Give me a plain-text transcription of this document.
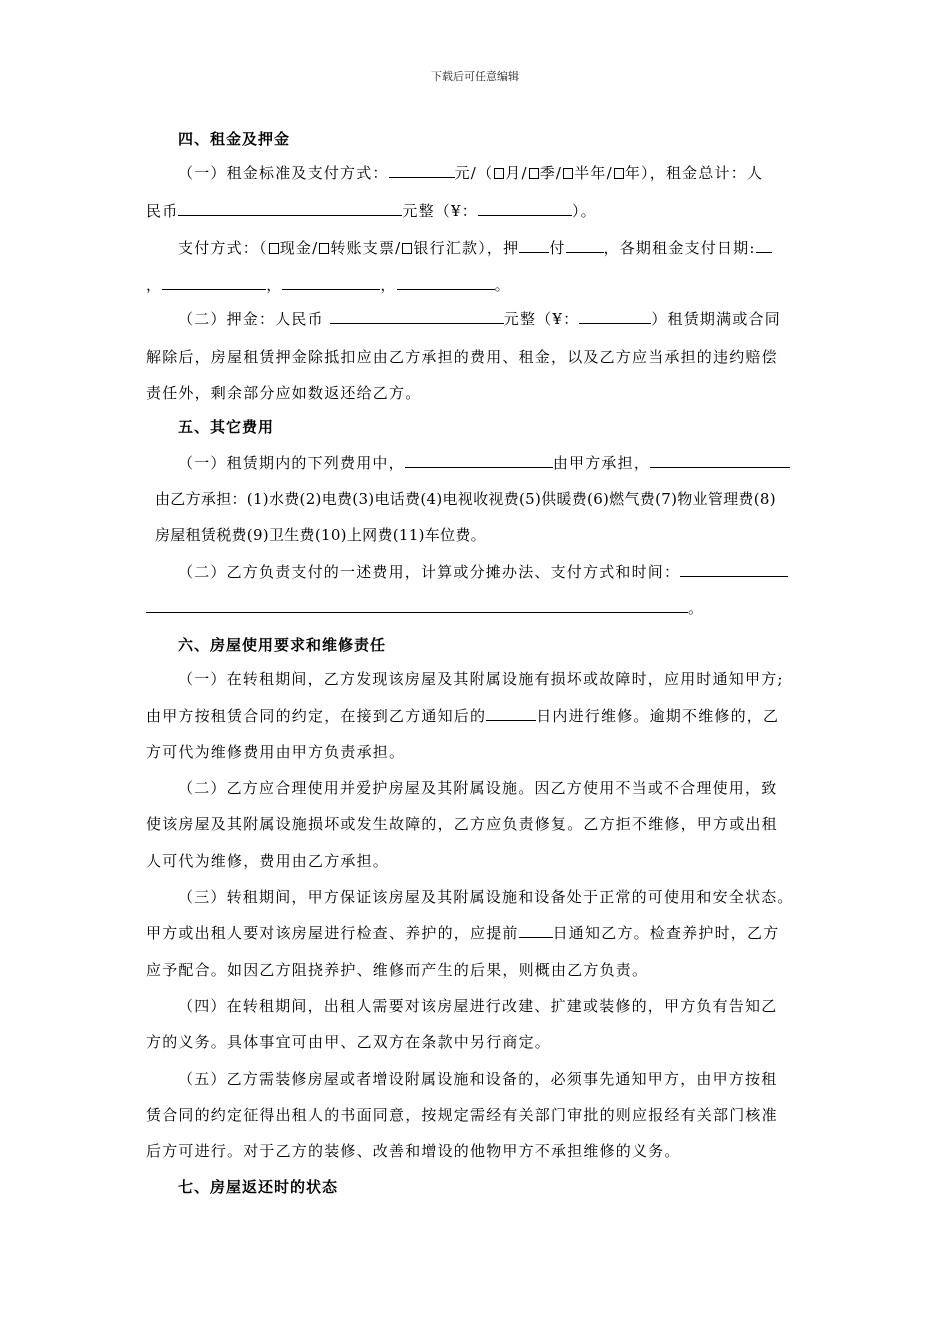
下载后可任意编辑
四、租金及押金
（一）租金标准及支付方式：	元/（ 月/ 季/ 半年/ 年），租金总计：人
民币	元整（¥：	）。
支付方式：（ 现金/ 转账支票/ 银行汇款），押 付	，各期租金支付日期:
，	，	，	。
（二）押金：人民币	元整（¥：	）租赁期满或合同
解除后，房屋租赁押金除抵扣应由乙方承担的费用、租金，以及乙方应当承担的违约赔偿
责任外，剩余部分应如数返还给乙方。
五、其它费用
（一）租赁期内的下列费用中，	由甲方承担，
由乙方承担：(1)水费(2)电费(3)电话费(4)电视收视费(5)供暖费(6)燃气费(7)物业管理费(8)
房屋租赁税费(9)卫生费(10)上网费(11)车位费。
（二）乙方负责支付的一述费用，计算或分摊办法、支付方式和时间：
。
六、房屋使用要求和维修责任
（一）在转租期间，乙方发现该房屋及其附属设施有损坏或故障时，应用时通知甲方;
由甲方按租赁合同的约定，在接到乙方通知后的	日内进行维修。逾期不维修的，乙
方可代为维修费用由甲方负责承担。
（二）乙方应合理使用并爱护房屋及其附属设施。因乙方使用不当或不合理使用，致
使该房屋及其附属设施损坏或发生故障的，乙方应负责修复。乙方拒不维修，甲方或出租
人可代为维修，费用由乙方承担。
（三）转租期间，甲方保证该房屋及其附属设施和设备处于正常的可使用和安全状态。
甲方或出租人要对该房屋进行检查、养护的，应提前 日通知乙方。检查养护时，乙方
应予配合。如因乙方阻挠养护、维修而产生的后果，则概由乙方负责。
（四）在转租期间，出租人需要对该房屋进行改建、扩建或装修的，甲方负有告知乙
方的义务。具体事宜可由甲、乙双方在条款中另行商定。
（五）乙方需装修房屋或者增设附属设施和设备的，必须事先通知甲方，由甲方按租
赁合同的约定征得出租人的书面同意，按规定需经有关部门审批的则应报经有关部门核准
后方可进行。对于乙方的装修、改善和增设的他物甲方不承担维修的义务。
七、房屋返还时的状态
